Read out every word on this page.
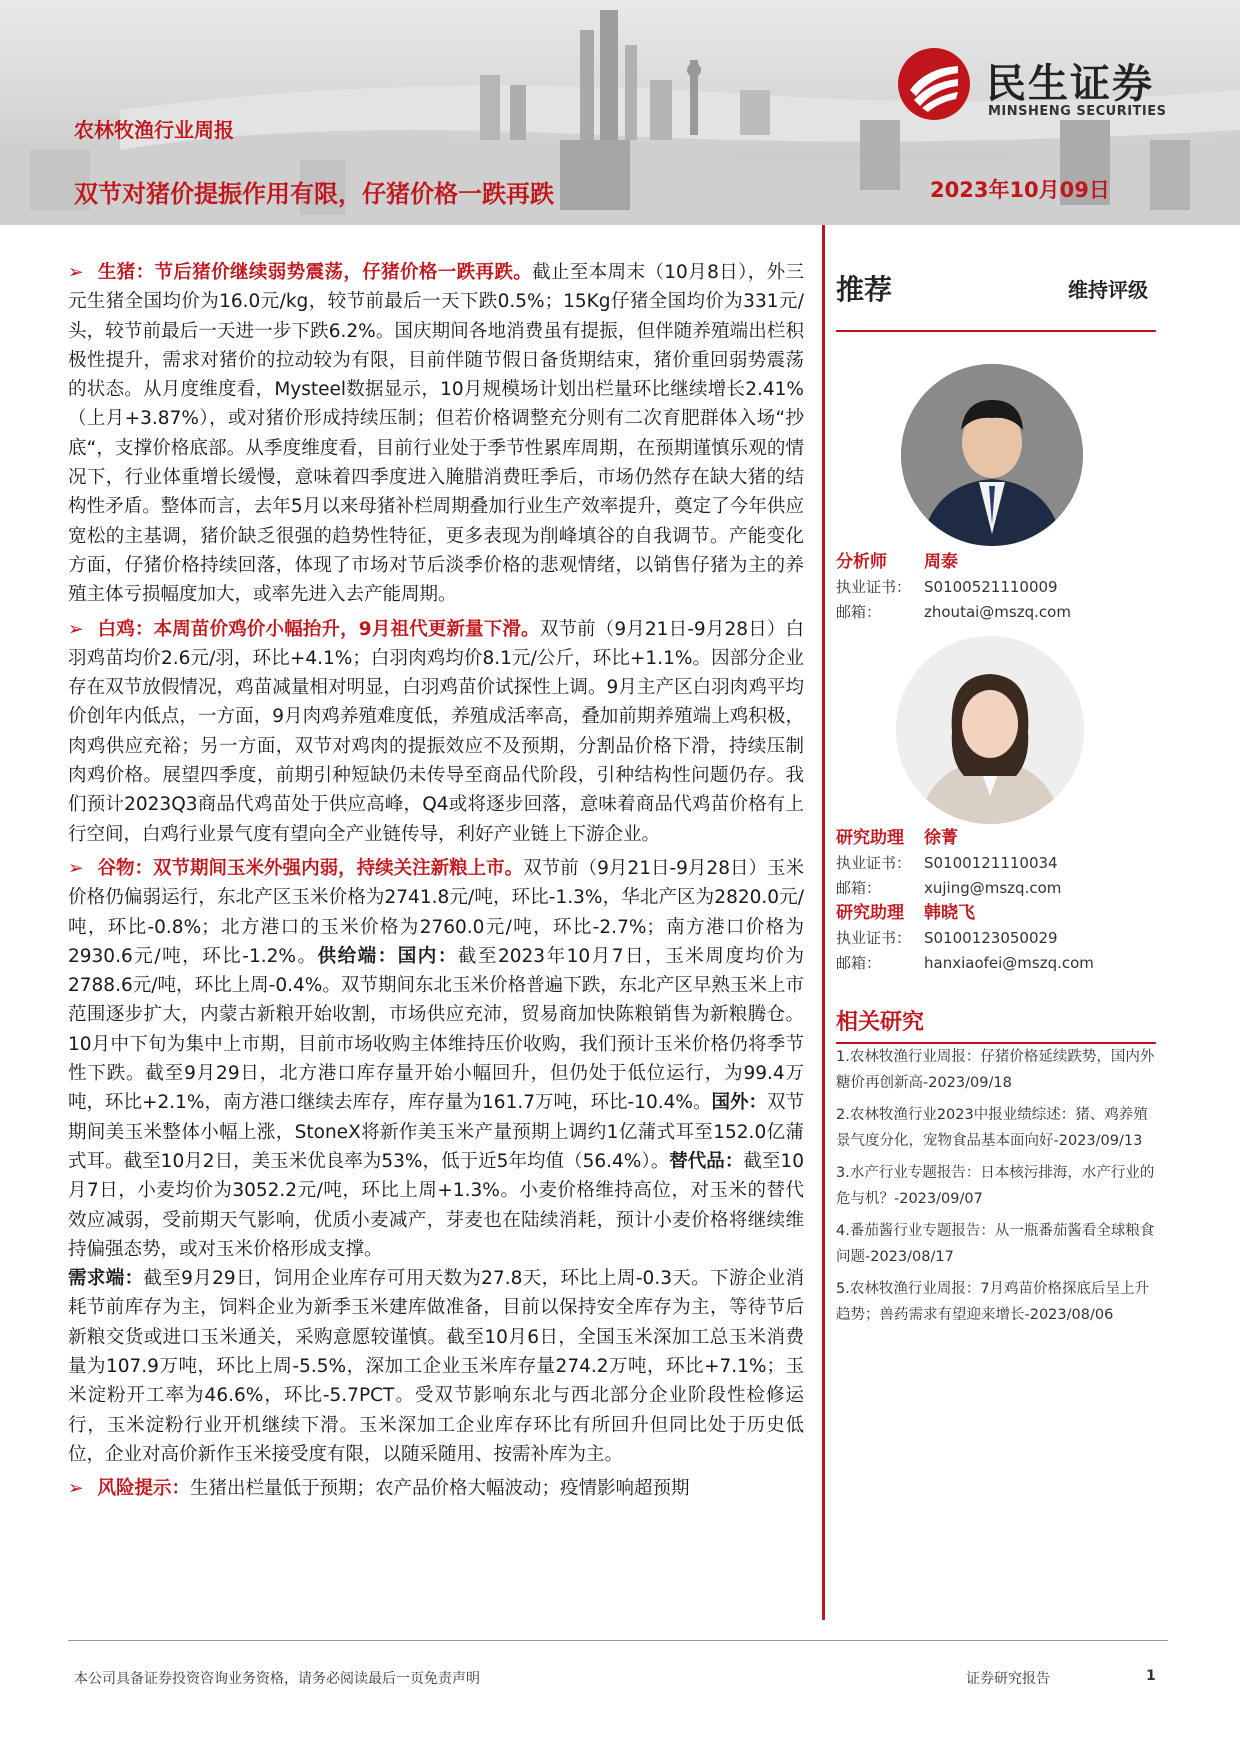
民生证券
MINSHENG SECURITIES
农林牧渔行业周报
双节对猪价提振作用有限，仔猪价格一跌再跌	2023年10月09日

➢ 生猪：节后猪价继续弱势震荡，仔猪价格一跌再跌。截止至本周末（10月8日），外三元生猪全国均价为16.0元/kg，较节前最后一天下跌0.5%；15Kg仔猪全国均价为331元/头，较节前最后一天进一步下跌6.2%。国庆期间各地消费虽有提振，但伴随养殖端出栏积极性提升，需求对猪价的拉动较为有限，目前伴随节假日备货期结束，猪价重回弱势震荡的状态。从月度维度看，Mysteel数据显示，10月规模场计划出栏量环比继续增长2.41%（上月+3.87%），或对猪价形成持续压制；但若价格调整充分则有二次育肥群体入场“抄底“，支撑价格底部。从季度维度看，目前行业处于季节性累库周期，在预期谨慎乐观的情况下，行业体重增长缓慢，意味着四季度进入腌腊消费旺季后，市场仍然存在缺大猪的结构性矛盾。整体而言，去年5月以来母猪补栏周期叠加行业生产效率提升，奠定了今年供应宽松的主基调，猪价缺乏很强的趋势性特征，更多表现为削峰填谷的自我调节。产能变化方面，仔猪价格持续回落，体现了市场对节后淡季价格的悲观情绪，以销售仔猪为主的养殖主体亏损幅度加大，或率先进入去产能周期。

➢ 白鸡：本周苗价鸡价小幅抬升，9月祖代更新量下滑。双节前（9月21日-9月28日）白羽鸡苗均价2.6元/羽，环比+4.1%；白羽肉鸡均价8.1元/公斤，环比+1.1%。因部分企业存在双节放假情况，鸡苗减量相对明显，白羽鸡苗价试探性上调。9月主产区白羽肉鸡平均价创年内低点，一方面，9月肉鸡养殖难度低，养殖成活率高，叠加前期养殖端上鸡积极，肉鸡供应充裕；另一方面，双节对鸡肉的提振效应不及预期，分割品价格下滑，持续压制肉鸡价格。展望四季度，前期引种短缺仍未传导至商品代阶段，引种结构性问题仍存。我们预计2023Q3商品代鸡苗处于供应高峰，Q4或将逐步回落，意味着商品代鸡苗价格有上行空间，白鸡行业景气度有望向全产业链传导，利好产业链上下游企业。

➢ 谷物：双节期间玉米外强内弱，持续关注新粮上市。双节前（9月21日-9月28日）玉米价格仍偏弱运行，东北产区玉米价格为2741.8元/吨，环比-1.3%，华北产区为2820.0元/吨，环比-0.8%；北方港口的玉米价格为2760.0元/吨，环比-2.7%；南方港口价格为2930.6元/吨，环比-1.2%。供给端：国内：截至2023年10月7日，玉米周度均价为2788.6元/吨，环比上周-0.4%。双节期间东北玉米价格普遍下跌，东北产区早熟玉米上市范围逐步扩大，内蒙古新粮开始收割，市场供应充沛，贸易商加快陈粮销售为新粮腾仓。10月中下旬为集中上市期，目前市场收购主体维持压价收购，我们预计玉米价格仍将季节性下跌。截至9月29日，北方港口库存量开始小幅回升，但仍处于低位运行，为99.4万吨，环比+2.1%，南方港口继续去库存，库存量为161.7万吨，环比-10.4%。国外：双节期间美玉米整体小幅上涨，StoneX将新作美玉米产量预期上调约1亿蒲式耳至152.0亿蒲式耳。截至10月2日，美玉米优良率为53%，低于近5年均值（56.4%）。替代品：截至10月7日，小麦均价为3052.2元/吨，环比上周+1.3%。小麦价格维持高位，对玉米的替代效应减弱，受前期天气影响，优质小麦减产，芽麦也在陆续消耗，预计小麦价格将继续维持偏强态势，或对玉米价格形成支撑。
需求端：截至9月29日，饲用企业库存可用天数为27.8天，环比上周-0.3天。下游企业消耗节前库存为主，饲料企业为新季玉米建库做准备，目前以保持安全库存为主，等待节后新粮交货或进口玉米通关，采购意愿较谨慎。截至10月6日，全国玉米深加工总玉米消费量为107.9万吨，环比上周-5.5%，深加工企业玉米库存量274.2万吨，环比+7.1%；玉米淀粉开工率为46.6%，环比-5.7PCT。受双节影响东北与西北部分企业阶段性检修运行，玉米淀粉行业开机继续下滑。玉米深加工企业库存环比有所回升但同比处于历史低位，企业对高价新作玉米接受度有限，以随采随用、按需补库为主。

➢ 风险提示：生猪出栏量低于预期；农产品价格大幅波动；疫情影响超预期

推荐	维持评级
分析师 周泰
执业证书： S0100521110009
邮箱：	zhoutai@mszq.com
研究助理 徐菁
执业证书： S0100121110034
邮箱：	xujing@mszq.com
研究助理 韩晓飞
执业证书： S0100123050029
邮箱：	hanxiaofei@mszq.com
相关研究
1.农林牧渔行业周报：仔猪价格延续跌势，国内外糖价再创新高-2023/09/18
2.农林牧渔行业2023中报业绩综述：猪、鸡养殖景气度分化，宠物食品基本面向好-2023/09/13
3.水产行业专题报告：日本核污排海，水产行业的危与机？-2023/09/07
4.番茄酱行业专题报告：从一瓶番茄酱看全球粮食问题-2023/08/17
5.农林牧渔行业周报：7月鸡苗价格探底后呈上升趋势；兽药需求有望迎来增长-2023/08/06
本公司具备证券投资咨询业务资格，请务必阅读最后一页免责声明	证券研究报告	1
